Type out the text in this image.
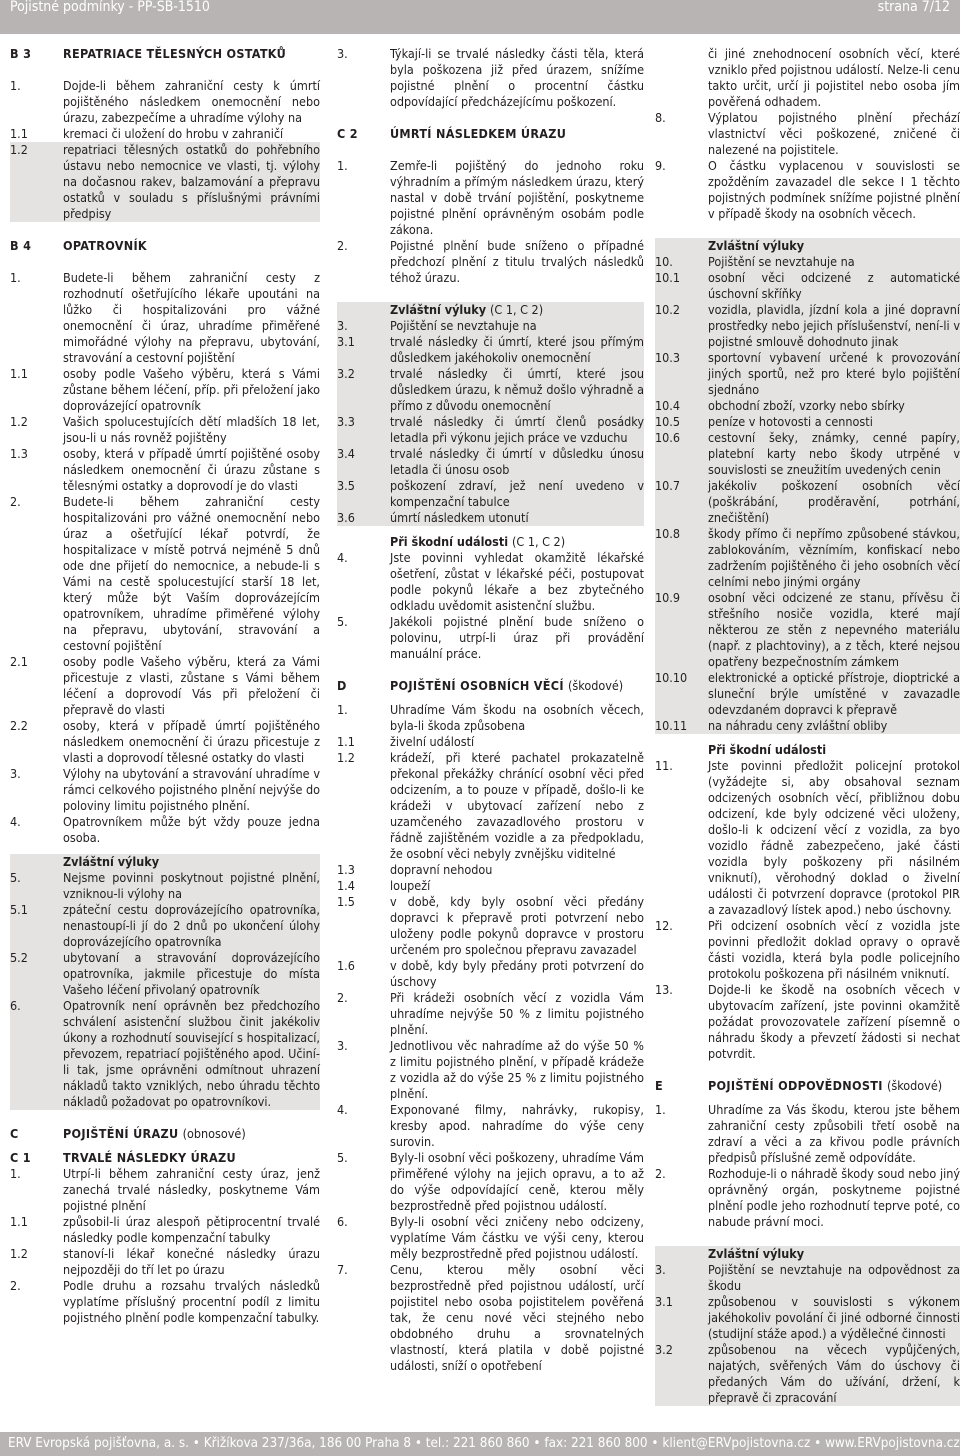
Pojistné podmínky - PP-SB-1510	strana 7/12
B 3	REPATRIACE TĚLESNÝCH OSTATKŮ
1.	Dojde-li během zahraniční cesty k úmrtí pojištěného následkem onemocnění nebo úrazu, zabezpečíme a uhradíme výlohy na
1.1	kremaci či uložení do hrobu v zahraničí
1.2	repatriaci tělesných ostatků do pohřebního ústavu nebo nemocnice ve vlasti, tj. výlohy na dočasnou rakev, balzamování a přepravu ostatků v souladu s příslušnými právními předpisy
B 4	OPATROVNÍK
1.	Budete-li během zahraniční cesty z rozhodnutí ošetřujícího lékaře upoutáni na lůžko či hospitalizováni pro vážné onemocnění či úraz, uhradíme přiměřené mimořádné výlohy na přepravu, ubytování, stravování a cestovní pojištění
1.1	osoby podle Vašeho výběru, která s Vámi zůstane během léčení, příp. při přeložení jako doprovázející opatrovník
1.2	Vašich spolucestujících dětí mladších 18 let, jsou-li u nás rovněž pojištěny
1.3	osoby, která v případě úmrtí pojištěné osoby následkem onemocnění či úrazu zůstane s tělesnými ostatky a doprovodí je do vlasti
2.	Budete-li během zahraniční cesty hospitalizováni pro vážné onemocnění nebo úraz a ošetřující lékař potvrdí, že hospitalizace v místě potrvá nejméně 5 dnů ode dne přijetí do nemocnice, a nebude-li s Vámi na cestě spolucestující starší 18 let, který může být Vaším doprovázejícím opatrovníkem, uhradíme přiměřené výlohy na přepravu, ubytování, stravování a cestovní pojištění
2.1	osoby podle Vašeho výběru, která za Vámi přicestuje z vlasti, zůstane s Vámi během léčení a doprovodí Vás při přeložení či přepravě do vlasti
2.2	osoby, která v případě úmrtí pojištěného následkem onemocnění či úrazu přicestuje z vlasti a doprovodí tělesné ostatky do vlasti
3.	Výlohy na ubytování a stravování uhradíme v rámci celkového pojistného plnění nejvýše do poloviny limitu pojistného plnění.
4.	Opatrovníkem může být vždy pouze jedna osoba.
Zvláštní výluky
5.	Nejsme povinni poskytnout pojistné plnění, vzniknou-li výlohy na
5.1	zpáteční cestu doprovázejícího opatrovníka, nenastoupí-li jí do 2 dnů po ukončení úlohy doprovázejícího opatrovníka
5.2	ubytovaní a stravování doprovázejícího opatrovníka, jakmile přicestuje do místa Vašeho léčení přivolaný opatrovník
6.	Opatrovník není oprávněn bez předchozího schválení asistenční službou činit jakékoliv úkony a rozhodnutí související s hospitalizací, převozem, repatriací pojištěného apod. Učiní-li tak, jsme oprávněni odmítnout uhrazení nákladů takto vzniklých, nebo úhradu těchto nákladů požadovat po opatrovníkovi.
C	POJIŠTĚNÍ ÚRAZU (obnosové)
C 1	TRVALÉ NÁSLEDKY ÚRAZU
1.	Utrpí-li během zahraniční cesty úraz, jenž zanechá trvalé následky, poskytneme Vám pojistné plnění
1.1	způsobil-li úraz alespoň pětiprocentní trvalé následky podle kompenzační tabulky
1.2	stanoví-li lékař konečné následky úrazu nejpozději do tří let po úrazu
2.	Podle druhu a rozsahu trvalých následků vyplatíme příslušný procentní podíl z limitu pojistného plnění podle kompenzační tabulky.
3.	Týkají-li se trvalé následky části těla, která byla poškozena již před úrazem, snížíme pojistné plnění o procentní částku odpovídající předcházejícímu poškození.
C 2	ÚMRTÍ NÁSLEDKEM ÚRAZU
1.	Zemře-li pojištěný do jednoho roku výhradním a přímým následkem úrazu, který nastal v době trvání pojištění, poskytneme pojistné plnění oprávněným osobám podle zákona.
2.	Pojistné plnění bude sníženo o případné předchozí plnění z titulu trvalých následků téhož úrazu.
Zvláštní výluky (C 1, C 2)
3.	Pojištění se nevztahuje na
3.1	trvalé následky či úmrtí, které jsou přímým důsledkem jakéhokoliv onemocnění
3.2	trvalé následky či úmrtí, které jsou důsledkem úrazu, k němuž došlo výhradně a přímo z důvodu onemocnění
3.3	trvalé následky či úmrtí členů posádky letadla při výkonu jejich práce ve vzduchu
3.4	trvalé následky či úmrtí v důsledku únosu letadla či únosu osob
3.5	poškození zdraví, jež není uvedeno v kompenzační tabulce
3.6	úmrtí následkem utonutí
Při škodní události (C 1, C 2)
4.	Jste povinni vyhledat okamžitě lékařské ošetření, zůstat v lékařské péči, postupovat podle pokynů lékaře a bez zbytečného odkladu uvědomit asistenční službu.
5.	Jakékoli pojistné plnění bude sníženo o polovinu, utrpí-li úraz při provádění manuální práce.
D	POJIŠTĚNÍ OSOBNÍCH VĚCÍ (škodové)
1.	Uhradíme Vám škodu na osobních věcech, byla-li škoda způsobena
1.1	živelní událostí
1.2	krádeží, při které pachatel prokazatelně překonal překážky chránící osobní věci před odcizením, a to pouze v případě, došlo-li ke krádeži v ubytovací zařízení nebo z uzamčeného zavazadlového prostoru v řádně zajištěném vozidle a za předpokladu, že osobní věci nebyly zvnějšku viditelné
1.3	dopravní nehodou
1.4	loupeží
1.5	v době, kdy byly osobní věci předány dopravci k přepravě proti potvrzení nebo uloženy podle pokynů dopravce v prostoru určeném pro společnou přepravu zavazadel
1.6	v době, kdy byly předány proti potvrzení do úschovy
2.	Při krádeži osobních věcí z vozidla Vám uhradíme nejvýše 50 % z limitu pojistného plnění.
3.	Jednotlivou věc nahradíme až do výše 50 % z limitu pojistného plnění, v případě krádeže z vozidla až do výše 25 % z limitu pojistného plnění.
4.	Exponované filmy, nahrávky, rukopisy, kresby apod. nahradíme do výše ceny surovin.
5.	Byly-li osobní věci poškozeny, uhradíme Vám přiměřené výlohy na jejich opravu, a to až do výše odpovídající ceně, kterou měly bezprostředně před pojistnou událostí.
6.	Byly-li osobní věci zničeny nebo odcizeny, vyplatíme Vám částku ve výši ceny, kterou měly bezprostředně před pojistnou událostí.
7.	Cenu, kterou měly osobní věci bezprostředně před pojistnou událostí, určí pojistitel nebo osoba pojistitelem pověřená tak, že cenu nové věci stejného nebo obdobného druhu a srovnatelných vlastností, která platila v době pojistné události, sníží o opotřebení
či jiné znehodnocení osobních věcí, které vzniklo před pojistnou událostí. Nelze-li cenu takto určit, určí ji pojistitel nebo osoba jím pověřená odhadem.
8.	Výplatou pojistného plnění přechází vlastnictví věci poškozené, zničené či nalezené na pojistitele.
9.	O částku vyplacenou v souvislosti se zpožděním zavazadel dle sekce I 1 těchto pojistných podmínek snížíme pojistné plnění v případě škody na osobních věcech.
Zvláštní výluky
10.	Pojištění se nevztahuje na
10.1	osobní věci odcizené z automatické úschovní skříňky
10.2	vozidla, plavidla, jízdní kola a jiné dopravní prostředky nebo jejich příslušenství, není-li v pojistné smlouvě dohodnuto jinak
10.3	sportovní vybavení určené k provozování jiných sportů, než pro které bylo pojištění sjednáno
10.4	obchodní zboží, vzorky nebo sbírky
10.5	peníze v hotovosti a cennosti
10.6	cestovní šeky, známky, cenné papíry, platební karty nebo škody utrpěné v souvislosti se zneužitím uvedených cenin
10.7	jakékoliv poškození osobních věcí (poškrábání, proděravění, potrhání, znečištění)
10.8	škody přímo či nepřímo způsobené stávkou, zablokováním, věznímím, konfiskací nebo zadržením pojištěného či jeho osobních věcí celními nebo jinými orgány
10.9	osobní věci odcizené ze stanu, přívěsu či střešního nosiče vozidla, které mají některou ze stěn z nepevného materiálu (např. z plachtoviny), a z těch, které nejsou opatřeny bezpečnostním zámkem
10.10	elektronické a optické přístroje, dioptrické a sluneční brýle umístěné v zavazadle odevzdaném dopravci k přepravě
10.11	na náhradu ceny zvláštní obliby
Při škodní události
11.	Jste povinni předložit policejní protokol (vyžádejte si, aby obsahoval seznam odcizených osobních věcí, přibližnou dobu odcizení, kde byly odcizené věci uloženy, došlo-li k odcizení věcí z vozidla, za byo vozidlo řádně zabezpečeno, jaké části vozidla byly poškozeny při násilném vniknutí), věrohodný doklad o živelní události či potvrzení dopravce (protokol PIR a zavazadlový lístek apod.) nebo úschovny.
12.	Při odcizení osobních věcí z vozidla jste povinni předložit doklad opravy o opravě části vozidla, která byla podle policejního protokolu poškozena při násilném vniknutí.
13.	Dojde-li ke škodě na osobních věcech v ubytovacím zařízení, jste povinni okamžitě požádat provozovatele zařízení písemně o náhradu škody a převzetí žádosti si nechat potvrdit.
E	POJIŠTĚNÍ ODPOVĚDNOSTI (škodové)
1.	Uhradíme za Vás škodu, kterou jste během zahraniční cesty způsobili třetí osobě na zdraví a věci a za křivou podle právních předpisů příslušné země odpovídáte.
2.	Rozhoduje-li o náhradě škody soud nebo jiný oprávněný orgán, poskytneme pojistné plnění podle jeho rozhodnutí teprve poté, co nabude právní moci.
Zvláštní výluky
3.	Pojištění se nevztahuje na odpovědnost za škodu
3.1	způsobenou v souvislosti s výkonem jakéhokoliv povolání či jiné odborné činnosti (studijní stáže apod.) a výdělečné činnosti
3.2	způsobenou na věcech vypůjčených, najatých, svěřených Vám do úschovy či předaných Vám do užívání, držení, k přepravě či zpracování
ERV Evropská pojišťovna, a. s. • Křižíkova 237/36a, 186 00 Praha 8 • tel.: 221 860 860 • fax: 221 860 800 • klient@ERVpojistovna.cz • www.ERVpojistovna.cz
